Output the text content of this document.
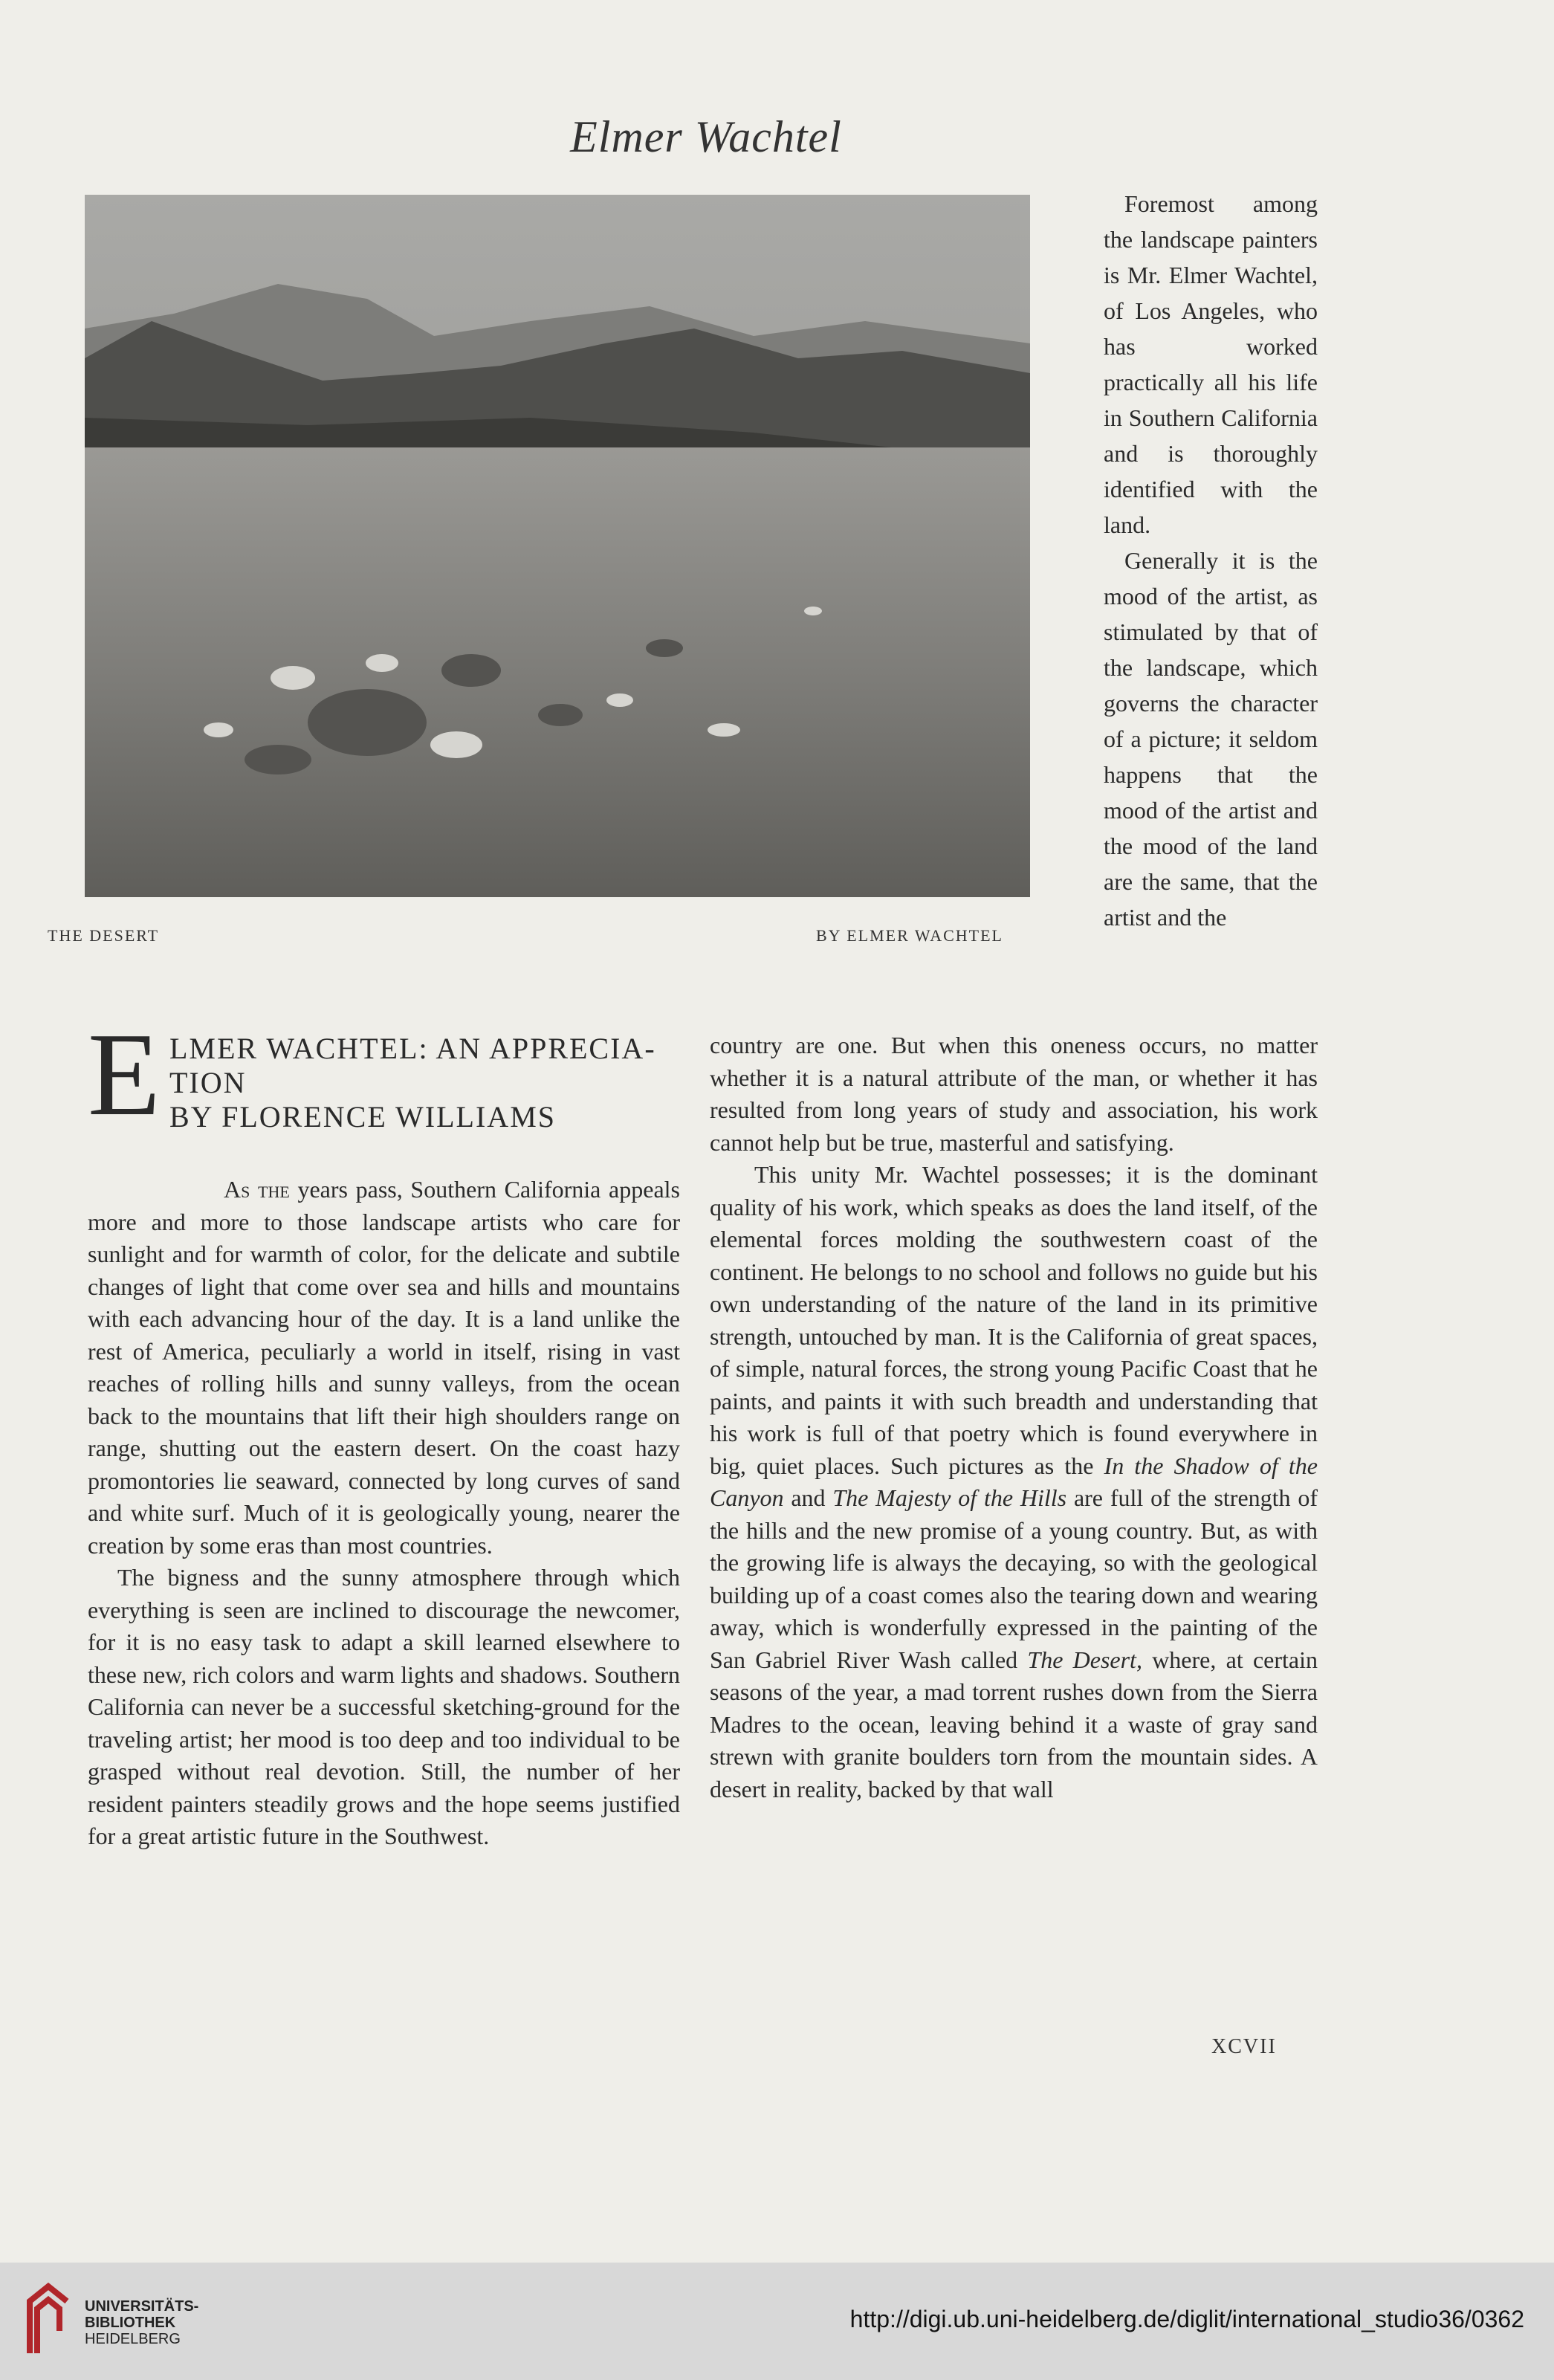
Elmer Wachtel
THE DESERT	BY ELMER WACHTEL

Foremost among the landscape painters is Mr. Elmer Wachtel, of Los Angeles, who has worked practically all his life in Southern California and is thoroughly identified with the land.

Generally it is the mood of the artist, as stimulated by that of the landscape, which governs the character of a picture; it seldom happens that the mood of the artist and the mood of the land are the same, that the artist and the

E LMER WACHTEL: AN APPRECIA-
TION
BY FLORENCE WILLIAMS

As the years pass, Southern California appeals more and more to those landscape artists who care for sunlight and for warmth of color, for the delicate and subtile changes of light that come over sea and hills and mountains with each advancing hour of the day. It is a land unlike the rest of America, peculiarly a world in itself, rising in vast reaches of rolling hills and sunny valleys, from the ocean back to the mountains that lift their high shoulders range on range, shutting out the eastern desert. On the coast hazy promontories lie seaward, connected by long curves of sand and white surf. Much of it is geologically young, nearer the creation by some eras than most countries.

The bigness and the sunny atmosphere through which everything is seen are inclined to discourage the newcomer, for it is no easy task to adapt a skill learned elsewhere to these new, rich colors and warm lights and shadows. Southern California can never be a successful sketching-ground for the traveling artist; her mood is too deep and too individual to be grasped without real devotion. Still, the number of her resident painters steadily grows and the hope seems justified for a great artistic future in the Southwest.

country are one. But when this oneness occurs, no matter whether it is a natural attribute of the man, or whether it has resulted from long years of study and association, his work cannot help but be true, masterful and satisfying.

This unity Mr. Wachtel possesses; it is the dominant quality of his work, which speaks as does the land itself, of the elemental forces molding the southwestern coast of the continent. He belongs to no school and follows no guide but his own understanding of the nature of the land in its primitive strength, untouched by man. It is the California of great spaces, of simple, natural forces, the strong young Pacific Coast that he paints, and paints it with such breadth and understanding that his work is full of that poetry which is found everywhere in big, quiet places. Such pictures as the In the Shadow of the Canyon and The Majesty of the Hills are full of the strength of the hills and the new promise of a young country. But, as with the growing life is always the decaying, so with the geological building up of a coast comes also the tearing down and wearing away, which is wonderfully expressed in the painting of the San Gabriel River Wash called The Desert, where, at certain seasons of the year, a mad torrent rushes down from the Sierra Madres to the ocean, leaving behind it a waste of gray sand strewn with granite boulders torn from the mountain sides. A desert in reality, backed by that wall

XCVII
UNIVERSITÄTS-
BIBLIOTHEK
HEIDELBERG
http://digi.ub.uni-heidelberg.de/diglit/international_studio36/0362
